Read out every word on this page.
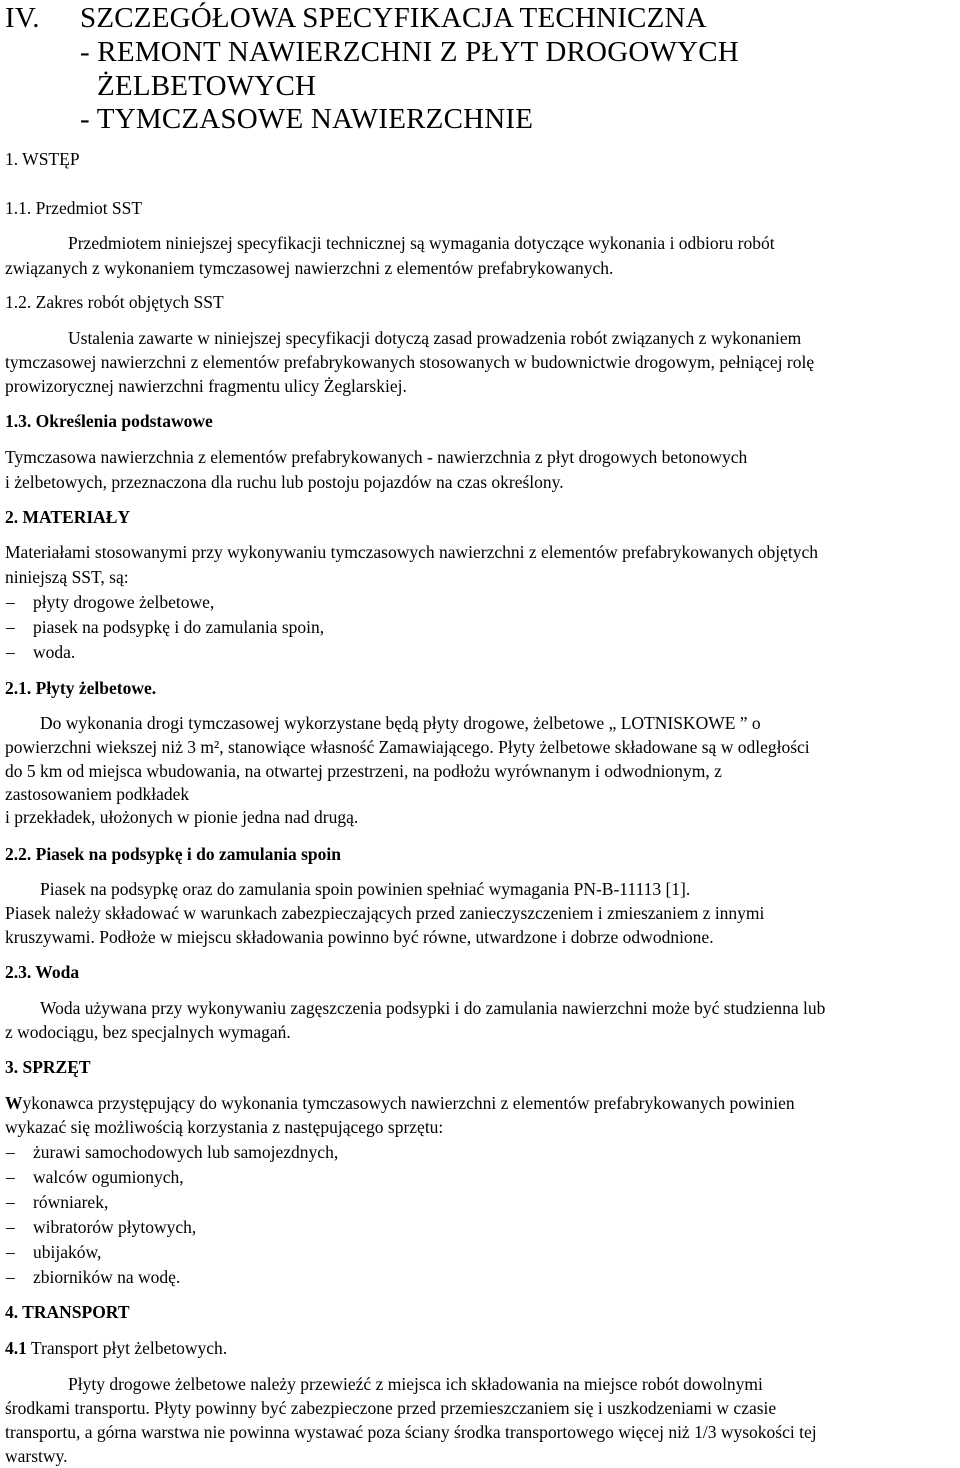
IV. SZCZEGÓŁOWA SPECYFIKACJA TECHNICZNA
- REMONT NAWIERZCHNI Z PŁYT DROGOWYCH
ŻELBETOWYCH
- TYMCZASOWE NAWIERZCHNIE
1. WSTĘP
1.1. Przedmiot SST
Przedmiotem niniejszej specyfikacji technicznej są wymagania dotyczące wykonania i odbioru robót
związanych z wykonaniem tymczasowej nawierzchni z elementów prefabrykowanych.
1.2. Zakres robót objętych SST
Ustalenia zawarte w niniejszej specyfikacji dotyczą zasad prowadzenia robót związanych z wykonaniem
tymczasowej nawierzchni z elementów prefabrykowanych stosowanych w budownictwie drogowym, pełniącej rolę
prowizorycznej nawierzchni fragmentu ulicy Żeglarskiej.
1.3. Określenia podstawowe
Tymczasowa nawierzchnia z elementów prefabrykowanych - nawierzchnia z płyt drogowych betonowych
i żelbetowych, przeznaczona dla ruchu lub postoju pojazdów na czas określony.
2. MATERIAŁY
Materiałami stosowanymi przy wykonywaniu tymczasowych nawierzchni z elementów prefabrykowanych objętych
niniejszą SST, są:
– płyty drogowe żelbetowe,
– piasek na podsypkę i do zamulania spoin,
– woda.
2.1. Płyty żelbetowe.
Do wykonania drogi tymczasowej wykorzystane będą płyty drogowe, żelbetowe „ LOTNISKOWE ” o
powierzchni wiekszej niż 3 m², stanowiące własność Zamawiającego. Płyty żelbetowe składowane są w odległości
do 5 km od miejsca wbudowania, na otwartej przestrzeni, na podłożu wyrównanym i odwodnionym, z
zastosowaniem podkładek
i przekładek, ułożonych w pionie jedna nad drugą.
2.2. Piasek na podsypkę i do zamulania spoin
Piasek na podsypkę oraz do zamulania spoin powinien spełniać wymagania PN-B-11113 [1].
Piasek należy składować w warunkach zabezpieczających przed zanieczyszczeniem i zmieszaniem z innymi
kruszywami. Podłoże w miejscu składowania powinno być równe, utwardzone i dobrze odwodnione.
2.3. Woda
Woda używana przy wykonywaniu zagęszczenia podsypki i do zamulania nawierzchni może być studzienna lub
z wodociągu, bez specjalnych wymagań.
3. SPRZĘT
Wykonawca przystępujący do wykonania tymczasowych nawierzchni z elementów prefabrykowanych powinien
wykazać się możliwością korzystania z następującego sprzętu:
– żurawi samochodowych lub samojezdnych,
– walców ogumionych,
– równiarek,
– wibratorów płytowych,
– ubijaków,
– zbiorników na wodę.
4. TRANSPORT
4.1 Transport płyt żelbetowych.
Płyty drogowe żelbetowe należy przewieźć z miejsca ich składowania na miejsce robót dowolnymi
środkami transportu. Płyty powinny być zabezpieczone przed przemieszczaniem się i uszkodzeniami w czasie
transportu, a górna warstwa nie powinna wystawać poza ściany środka transportowego więcej niż 1/3 wysokości tej
warstwy.
